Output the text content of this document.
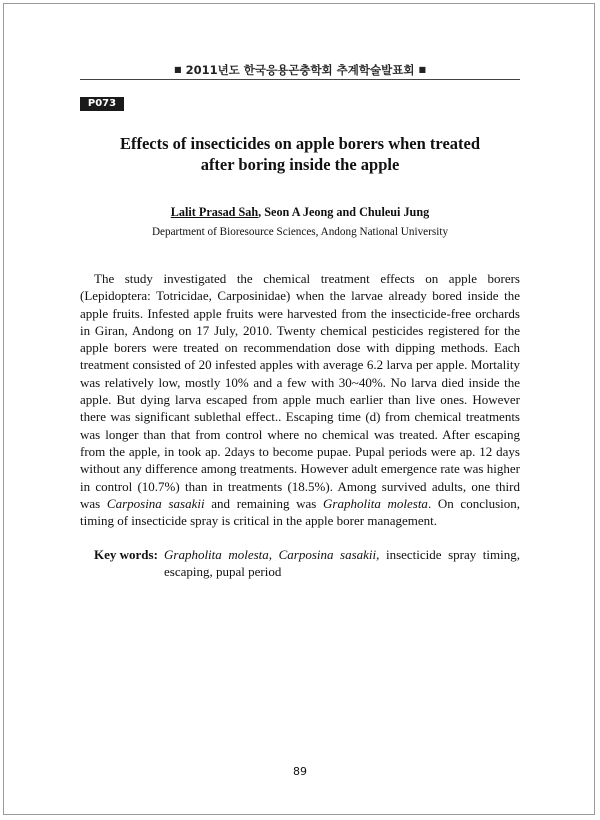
■ 2011년도 한국응용곤충학회 추계학술발표회 ■
P073
Effects of insecticides on apple borers when treated
after boring inside the apple
Lalit Prasad Sah, Seon A Jeong and Chuleui Jung
Department of Bioresource Sciences, Andong National University

The study investigated the chemical treatment effects on apple borers (Lepidoptera: Totricidae, Carposinidae) when the larvae already bored inside the apple fruits. Infested apple fruits were harvested from the insecticide-free orchards in Giran, Andong on 17 July, 2010. Twenty chemical pesticides registered for the apple borers were treated on recommendation dose with dipping methods. Each treatment consisted of 20 infested apples with average 6.2 larva per apple. Mortality was relatively low, mostly 10% and a few with 30~40%. No larva died inside the apple. But dying larva escaped from apple much earlier than live ones. However there was significant sublethal effect.. Escaping time (d) from chemical treatments was longer than that from control where no chemical was treated. After escaping from the apple, in took ap. 2days to become pupae. Pupal periods were ap. 12 days without any difference among treatments. However adult emergence rate was higher in control (10.7%) than in treatments (18.5%). Among survived adults, one third was Carposina sasakii and remaining was Grapholita molesta. On conclusion, timing of insecticide spray is critical in the apple borer management.

Key words: Grapholita molesta, Carposina sasakii, insecticide spray timing, escaping, pupal period
89
